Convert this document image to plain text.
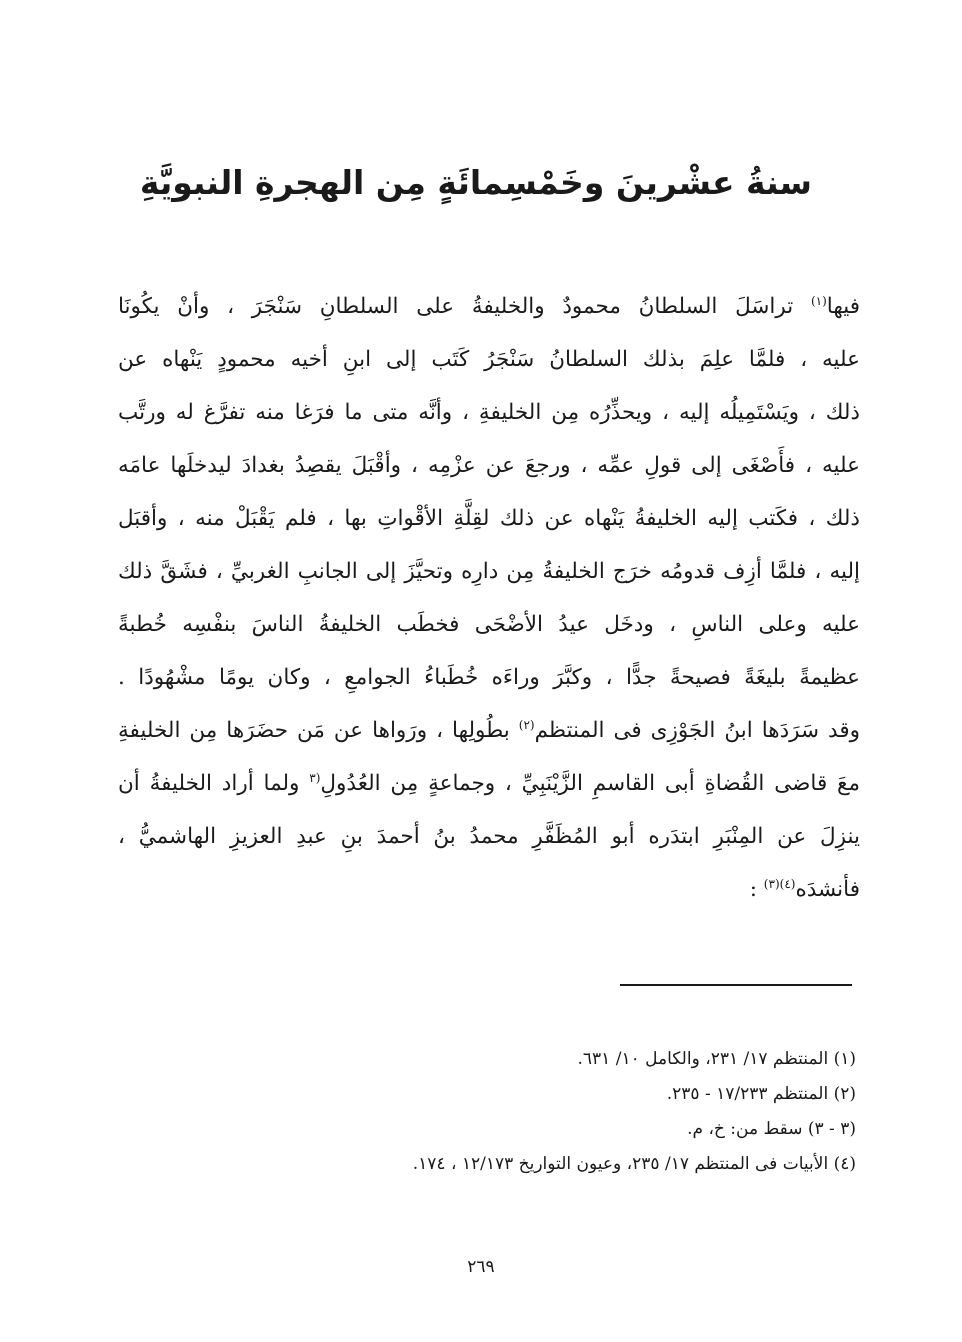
سنةُ عشْرينَ وخَمْسِمائَةٍ مِن الهجرةِ النبويَّةِ
فيها$^{(١)}$ تراسَلَ السلطانُ محمودٌ والخليفةُ على السلطانِ سَنْجَرَ ، وأنْ يكُونَا
عليه ، فلمَّا علِمَ بذلك السلطانُ سَنْجَرُ كَتَب إلى ابنِ أخيه محمودٍ يَنْهاه عن
ذلك ، ويَسْتَمِيلُه إليه ، ويحذِّرُه مِن الخليفةِ ، وأنَّه متى ما فرَغا منه تفرَّغ له ورتَّب
عليه ، فأَصْغَى إلى قولِ عمِّه ، ورجعَ عن عزْمِه ، وأقْبَلَ يقصِدُ بغدادَ ليدخلَها عامَه
ذلك ، فكَتب إليه الخليفةُ يَنْهاه عن ذلك لقِلَّةِ الأقْواتِ بها ، فلم يَقْبَلْ منه ، وأقبَل
إليه ، فلمَّا أزِف قدومُه خرَج الخليفةُ مِن دارِه وتحيَّزَ إلى الجانبِ الغربيِّ ، فشَقَّ ذلك
عليه وعلى الناسِ ، ودخَل عيدُ الأضْحَى فخطَب الخليفةُ الناسَ بنفْسِه خُطبةً
عظيمةً بليغَةً فصيحةً جدًّا ، وكبَّرَ وراءَه خُطَباءُ الجوامعِ ، وكان يومًا مشْهُودًا .
وقد سَرَدَها ابنُ الجَوْزِى فى المنتظم$^{(٢)}$ بطُولِها ، ورَواها عن مَن حضَرَها مِن الخليفةِ
معَ قاضى القُضاةِ أبى القاسمِ الزَّيْنَبِيِّ ، وجماعةٍ مِن العُدُولِ$^{(٣}$ ولما أراد الخليفةُ أن
ينزِلَ عن المِنْبَرِ ابتدَره أبو المُظَفَّرِ محمدُ بنُ أحمدَ بنِ عبدِ العزيزِ الهاشميُّ ،
فأنشدَه$^{(٤)(٣)}$ :
(١) المنتظم ١٧/ ٢٣١، والكامل ١٠/ ٦٣١.
(٢) المنتظم ١٧/٢٣٣ - ٢٣٥.
(٣ - ٣) سقط من: خ، م.
(٤) الأبيات فى المنتظم ١٧/ ٢٣٥، وعيون التواريخ ١٢/١٧٣ ، ١٧٤.
٢٦٩
